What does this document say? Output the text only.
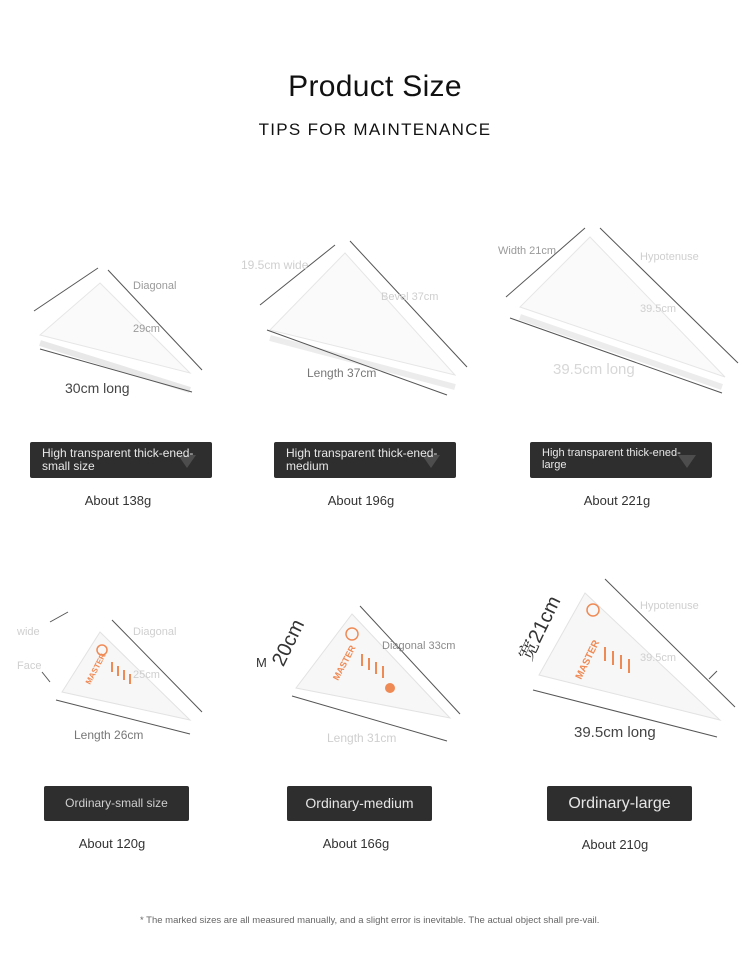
Product Size
TIPS FOR MAINTENANCE
Diagonal
29cm
30cm long
High transparent thick-ened-small size
About 138g
19.5cm wide
Bevel 37cm
Length 37cm
High transparent thick-ened-medium
About 196g
Width 21cm	Hypotenuse
39.5cm
39.5cm long
High transparent thick-ened-large
About 221g
MASTER
wide	Diagonal
25cm
Face
Length 26cm
Ordinary-small size
About 120g
MASTER
20cm
M
Diagonal 33cm
Length 31cm
Ordinary-medium
About 166g
MASTER
宽21cm	Hypotenuse
39.5cm
39.5cm long
Ordinary-large
About 210g
* The marked sizes are all measured manually, and a slight error is inevitable. The actual object shall pre-vail.
